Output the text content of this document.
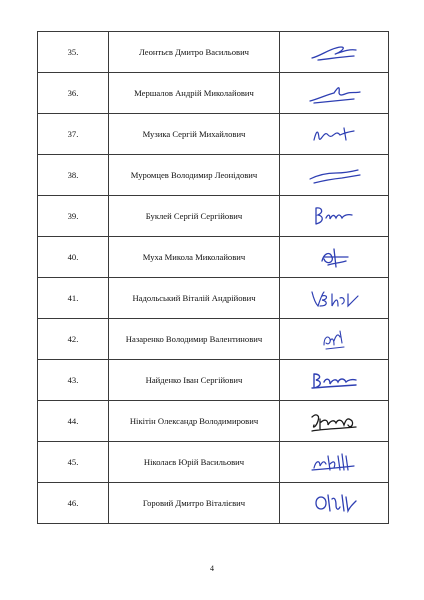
35.	Леонтьєв Дмитро Васильович	

36.	Мершалов Андрій Миколайович	

37.	Музика Сергій Михайлович	

38.	Муромцев Володимир Леонідович	

39.	Буклей Сергій Сергійович	

40.	Муха Микола Миколайович	

41.	Надольський Віталій Андрійович	

42.	Назаренко Володимир Валентинович	

43.	Найденко Іван Сергійович	

44.	Нікітін Олександр Володимирович	

45.	Ніколаєв Юрій Васильович	

46.	Горовий Дмитро Віталієвич	
4
